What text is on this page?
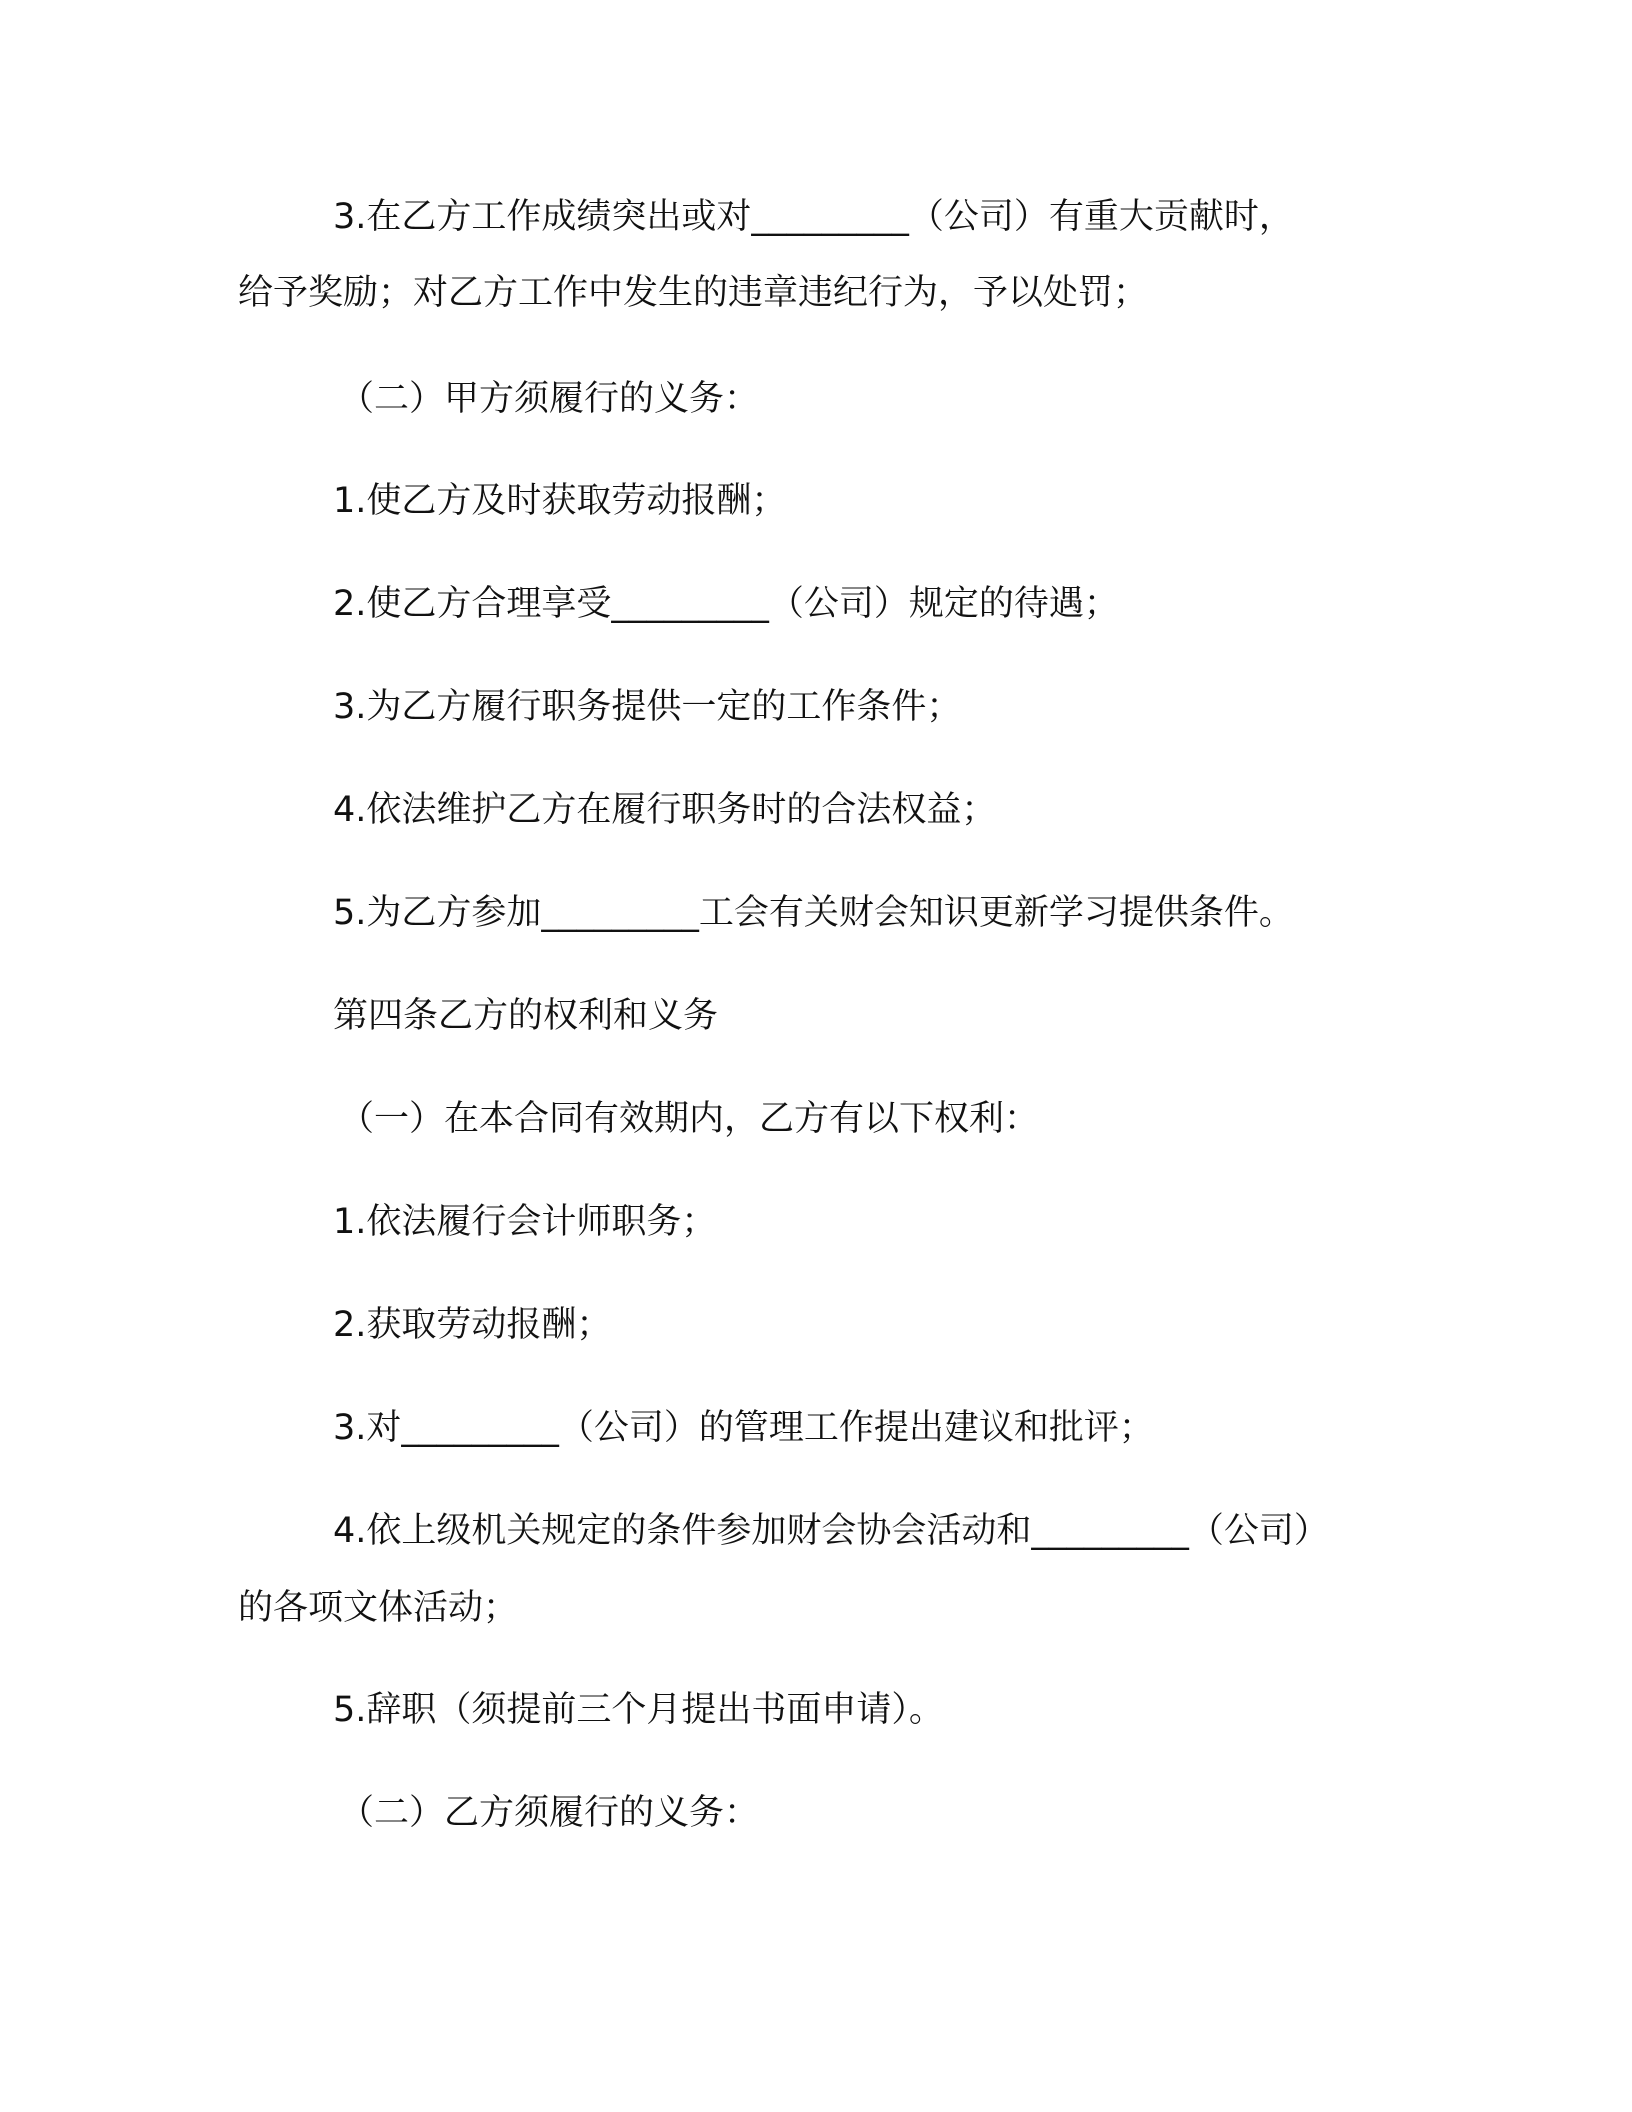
3.在乙方工作成绩突出或对_________（公司）有重大贡献时，
给予奖励；对乙方工作中发生的违章违纪行为，予以处罚；
（二）甲方须履行的义务：
1.使乙方及时获取劳动报酬；
2.使乙方合理享受_________（公司）规定的待遇；
3.为乙方履行职务提供一定的工作条件；
4.依法维护乙方在履行职务时的合法权益；
5.为乙方参加_________工会有关财会知识更新学习提供条件。
第四条乙方的权利和义务
（一）在本合同有效期内，乙方有以下权利：
1.依法履行会计师职务；
2.获取劳动报酬；
3.对_________（公司）的管理工作提出建议和批评；
4.依上级机关规定的条件参加财会协会活动和_________（公司）
的各项文体活动；
5.辞职（须提前三个月提出书面申请）。
（二）乙方须履行的义务：
